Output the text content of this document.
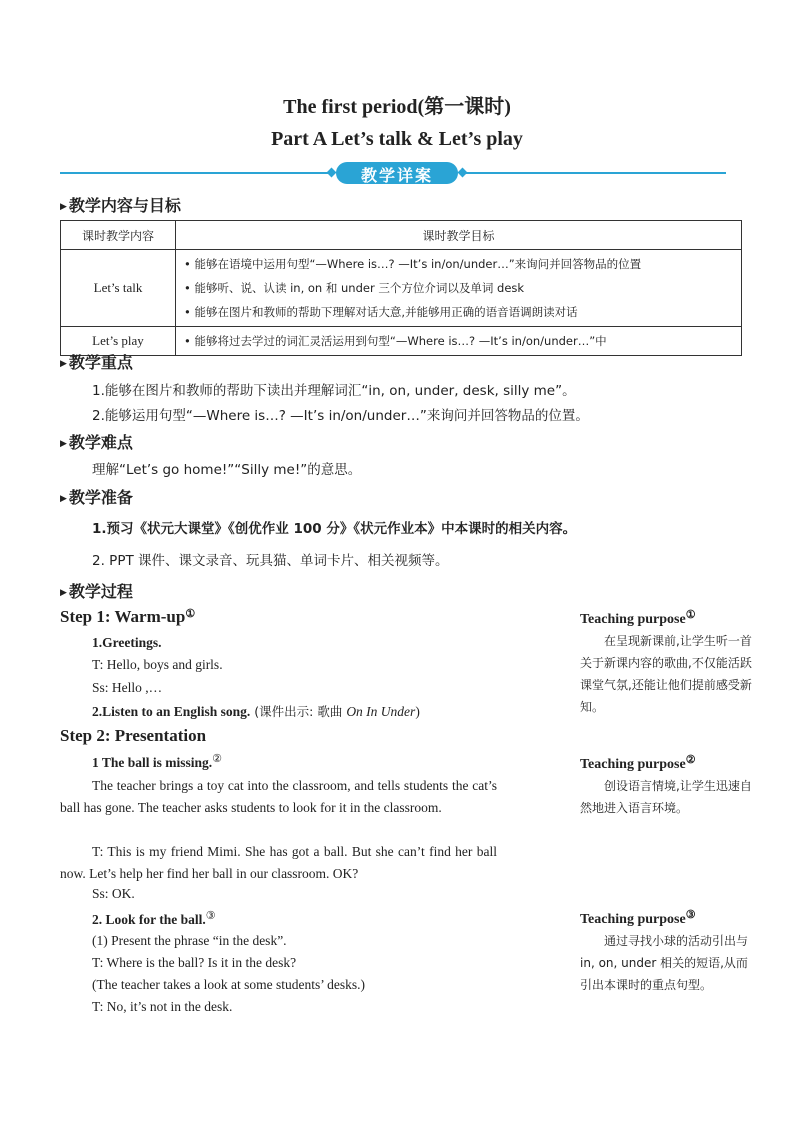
The first period(第一课时)
Part A Let’s talk & Let’s play
教学详案
▶ 教学内容与目标
课时教学内容	课时教学目标
Let’s talk	• 能够在语境中运用句型“—Where is…? —It’s in/on/under…”来询问并回答物品的位置
• 能够听、说、认读 in, on 和 under 三个方位介词以及单词 desk
• 能够在图片和教师的帮助下理解对话大意,并能够用正确的语音语调朗读对话

Let’s play	• 能够将过去学过的词汇灵活运用到句型“—Where is…? —It’s in/on/under…”中
▶ 教学重点
1.能够在图片和教师的帮助下读出并理解词汇“in, on, under, desk, silly me”。
2.能够运用句型“—Where is…? —It’s in/on/under…”来询问并回答物品的位置。
▶ 教学难点
理解“Let’s go home!”“Silly me!”的意思。
▶ 教学准备
1.预习《状元大课堂》《创优作业 100 分》《状元作业本》中本课时的相关内容。
2. PPT 课件、课文录音、玩具猫、单词卡片、相关视频等。
▶ 教学过程
Step 1: Warm-up①
1.Greetings.
T: Hello, boys and girls.
Ss: Hello ,…
2.Listen to an English song. (课件出示: 歌曲 On In Under)
Step 2: Presentation
1 The ball is missing.②
The teacher brings a toy cat into the classroom, and tells students the cat’s ball has gone. The teacher asks students to look for it in the classroom.
T: This is my friend Mimi. She has got a ball. But she can’t find her ball now. Let’s help her find her ball in our classroom. OK?
Ss: OK.
2. Look for the ball.③
(1) Present the phrase “in the desk”.
T: Where is the ball? Is it in the desk?
(The teacher takes a look at some students’ desks.)
T: No, it’s not in the desk.
Teaching purpose①
在呈现新课前,让学生听一首关于新课内容的歌曲,不仅能活跃课堂气氛,还能让他们提前感受新知。
Teaching purpose②
创设语言情境,让学生迅速自然地进入语言环境。
Teaching purpose③
通过寻找小球的活动引出与 in, on, under 相关的短语,从而引出本课时的重点句型。
